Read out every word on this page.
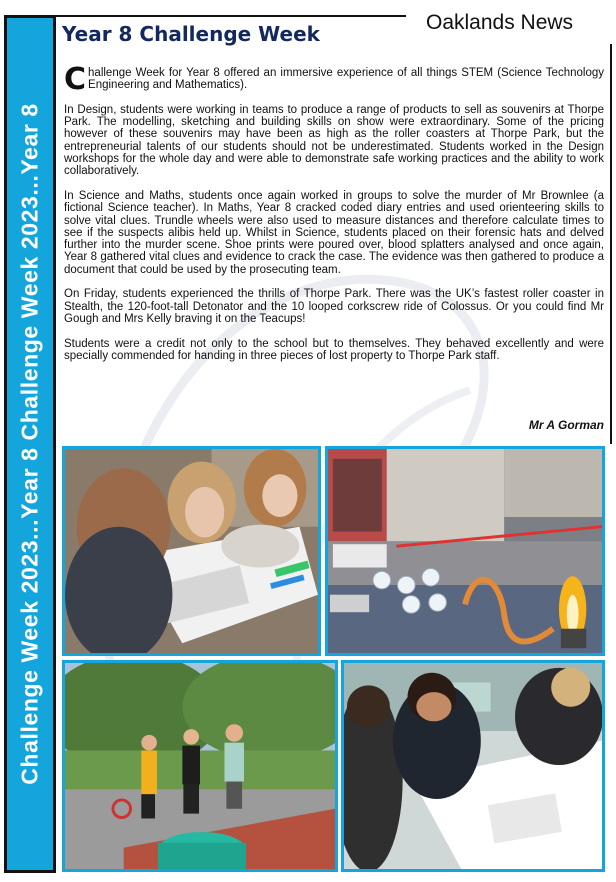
Challenge Week 2023...Year 8 Challenge Week 2023...Year 8
Oaklands News
Year 8 Challenge Week

Challenge Week for Year 8 offered an immersive experience of all things STEM (Science Technology Engineering and Mathematics).

In Design, students were working in teams to produce a range of products to sell as souvenirs at Thorpe Park. The modelling, sketching and building skills on show were extraordinary. Some of the pricing however of these souvenirs may have been as high as the roller coasters at Thorpe Park, but the entrepreneurial talents of our students should not be underestimated. Students worked in the Design workshops for the whole day and were able to demonstrate safe working practices and the ability to work collaboratively.

In Science and Maths, students once again worked in groups to solve the murder of Mr Brownlee (a fictional Science teacher). In Maths, Year 8 cracked coded diary entries and used orienteering skills to solve vital clues. Trundle wheels were also used to measure distances and therefore calculate times to see if the suspects alibis held up. Whilst in Science, students placed on their forensic hats and delved further into the murder scene. Shoe prints were poured over, blood splatters analysed and once again, Year 8 gathered vital clues and evidence to crack the case. The evidence was then gathered to produce a document that could be used by the prosecuting team.

On Friday, students experienced the thrills of Thorpe Park. There was the UK’s fastest roller coaster in Stealth, the 120-foot-tall Detonator and the 10 looped corkscrew ride of Colossus. Or you could find Mr Gough and Mrs Kelly braving it on the Teacups!

Students were a credit not only to the school but to themselves. They behaved excellently and were specially commended for handing in three pieces of lost property to Thorpe Park staff.

Mr A Gorman
